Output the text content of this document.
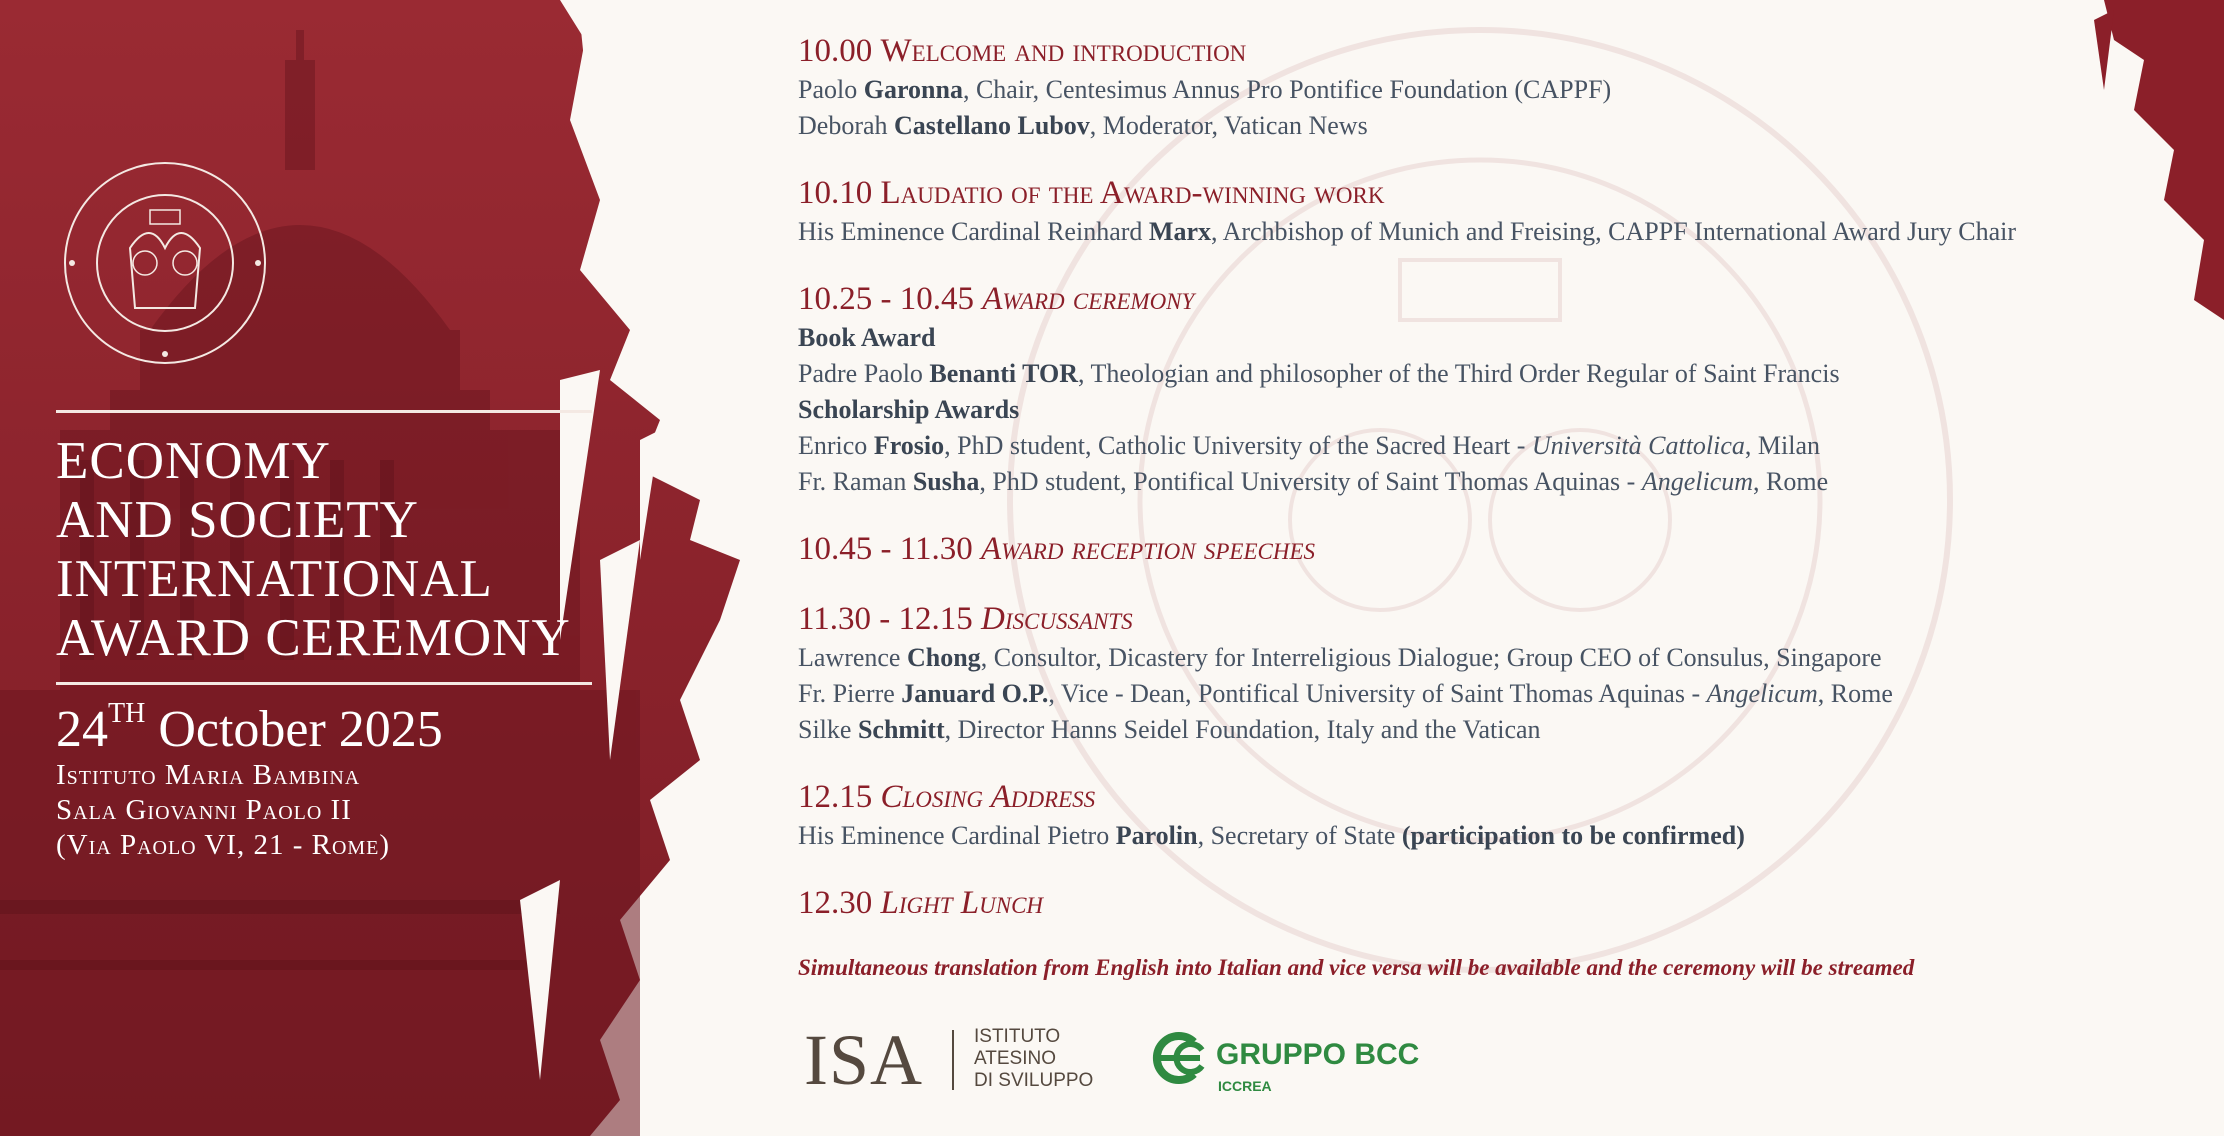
ECONOMY
AND SOCIETY
INTERNATIONAL
AWARD CEREMONY
24TH October 2025
Istituto Maria Bambina
Sala Giovanni Paolo II
(Via Paolo VI, 21 - Rome)
10.00 Welcome and introduction
Paolo Garonna, Chair, Centesimus Annus Pro Pontifice Foundation (CAPPF)
Deborah Castellano Lubov, Moderator, Vatican News
10.10 Laudatio of the Award-winning work
His Eminence Cardinal Reinhard Marx, Archbishop of Munich and Freising, CAPPF International Award Jury Chair
10.25 - 10.45 Award ceremony
Book Award
Padre Paolo Benanti TOR, Theologian and philosopher of the Third Order Regular of Saint Francis
Scholarship Awards
Enrico Frosio, PhD student, Catholic University of the Sacred Heart - Università Cattolica, Milan
Fr. Raman Susha, PhD student, Pontifical University of Saint Thomas Aquinas - Angelicum, Rome
10.45 - 11.30 Award reception speeches
11.30 - 12.15 Discussants
Lawrence Chong, Consultor, Dicastery for Interreligious Dialogue; Group CEO of Consulus, Singapore
Fr. Pierre Januard O.P., Vice - Dean, Pontifical University of Saint Thomas Aquinas - Angelicum, Rome
Silke Schmitt, Director Hanns Seidel Foundation, Italy and the Vatican
12.15 Closing Address
His Eminence Cardinal Pietro Parolin, Secretary of State (participation to be confirmed)
12.30 Light Lunch
Simultaneous translation from English into Italian and vice versa will be available and the ceremony will be streamed
ISA	ISTITUTO
ATESINO
DI SVILUPPO
GRUPPO BCC
ICCREA
